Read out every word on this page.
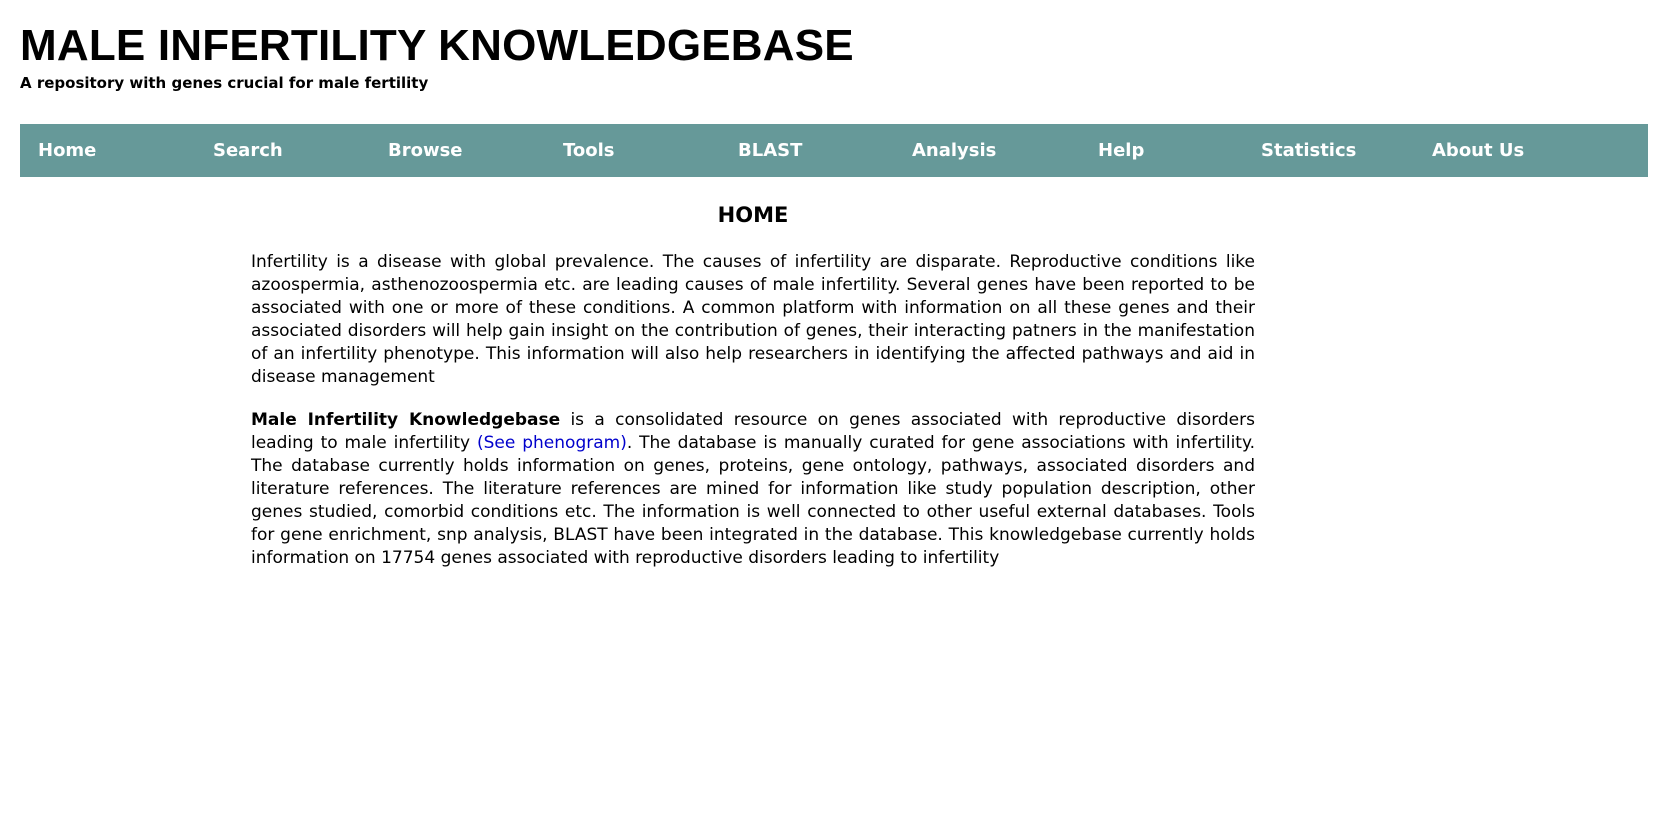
MALE INFERTILITY KNOWLEDGEBASE

A repository with genes crucial for male fertility

Home	Search	Browse	Tools	BLAST	Analysis	Help	Statistics	About Us
HOME

Infertility is a disease with global prevalence. The causes of infertility are disparate. Reproductive conditions like azoospermia, asthenozoospermia etc. are leading causes of male infertility. Several genes have been reported to be associated with one or more of these conditions. A common platform with information on all these genes and their associated disorders will help gain insight on the contribution of genes, their interacting patners in the manifestation of an infertility phenotype. This information will also help researchers in identifying the affected pathways and aid in disease management

Male Infertility Knowledgebase is a consolidated resource on genes associated with reproductive disorders leading to male infertility (See phenogram). The database is manually curated for gene associations with infertility. The database currently holds information on genes, proteins, gene ontology, pathways, associated disorders and literature references. The literature references are mined for information like study population description, other genes studied, comorbid conditions etc. The information is well connected to other useful external databases. Tools for gene enrichment, snp analysis, BLAST have been integrated in the database. This knowledgebase currently holds information on 17754 genes associated with reproductive disorders leading to infertility
